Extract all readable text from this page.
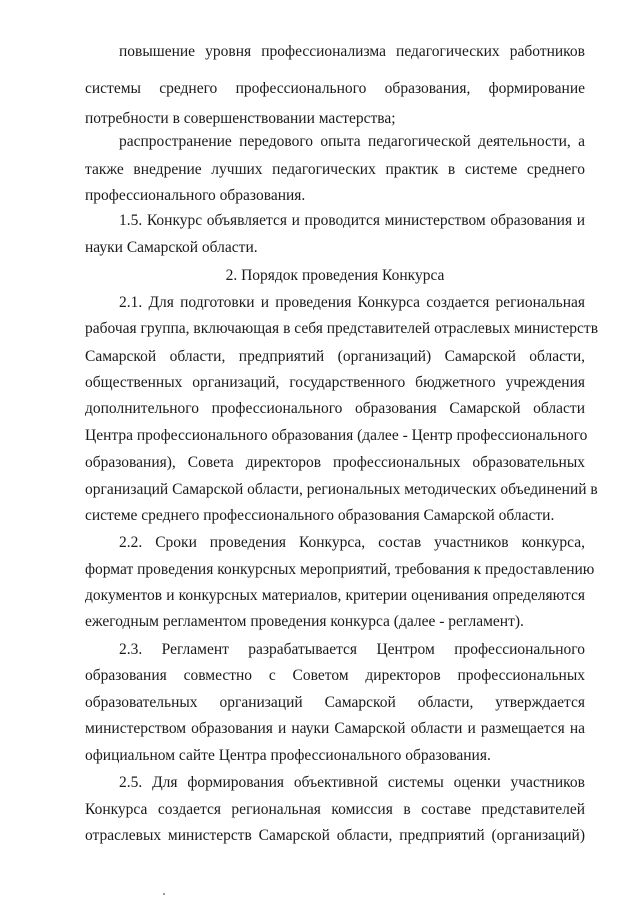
повышение уровня профессионализма педагогических работников
системы среднего профессионального образования, формирование
потребности в совершенствовании мастерства;
распространение передового опыта педагогической деятельности, а
также внедрение лучших педагогических практик в системе среднего
профессионального образования.
1.5. Конкурс объявляется и проводится министерством образования и
науки Самарской области.
2. Порядок проведения Конкурса
2.1. Для подготовки и проведения Конкурса создается региональная
рабочая группа, включающая в себя представителей отраслевых министерств
Самарской области, предприятий (организаций) Самарской области,
общественных организаций, государственного бюджетного учреждения
дополнительного профессионального образования Самарской области
Центра профессионального образования (далее - Центр профессионального
образования), Совета директоров профессиональных образовательных
организаций Самарской области, региональных методических объединений в
системе среднего профессионального образования Самарской области.
2.2. Сроки проведения Конкурса, состав участников конкурса,
формат проведения конкурсных мероприятий, требования к предоставлению
документов и конкурсных материалов, критерии оценивания определяются
ежегодным регламентом проведения конкурса (далее - регламент).
2.3. Регламент разрабатывается Центром профессионального
образования совместно с Советом директоров профессиональных
образовательных организаций Самарской области, утверждается
министерством образования и науки Самарской области и размещается на
официальном сайте Центра профессионального образования.
2.5. Для формирования объективной системы оценки участников
Конкурса создается региональная комиссия в составе представителей
отраслевых министерств Самарской области, предприятий (организаций)
